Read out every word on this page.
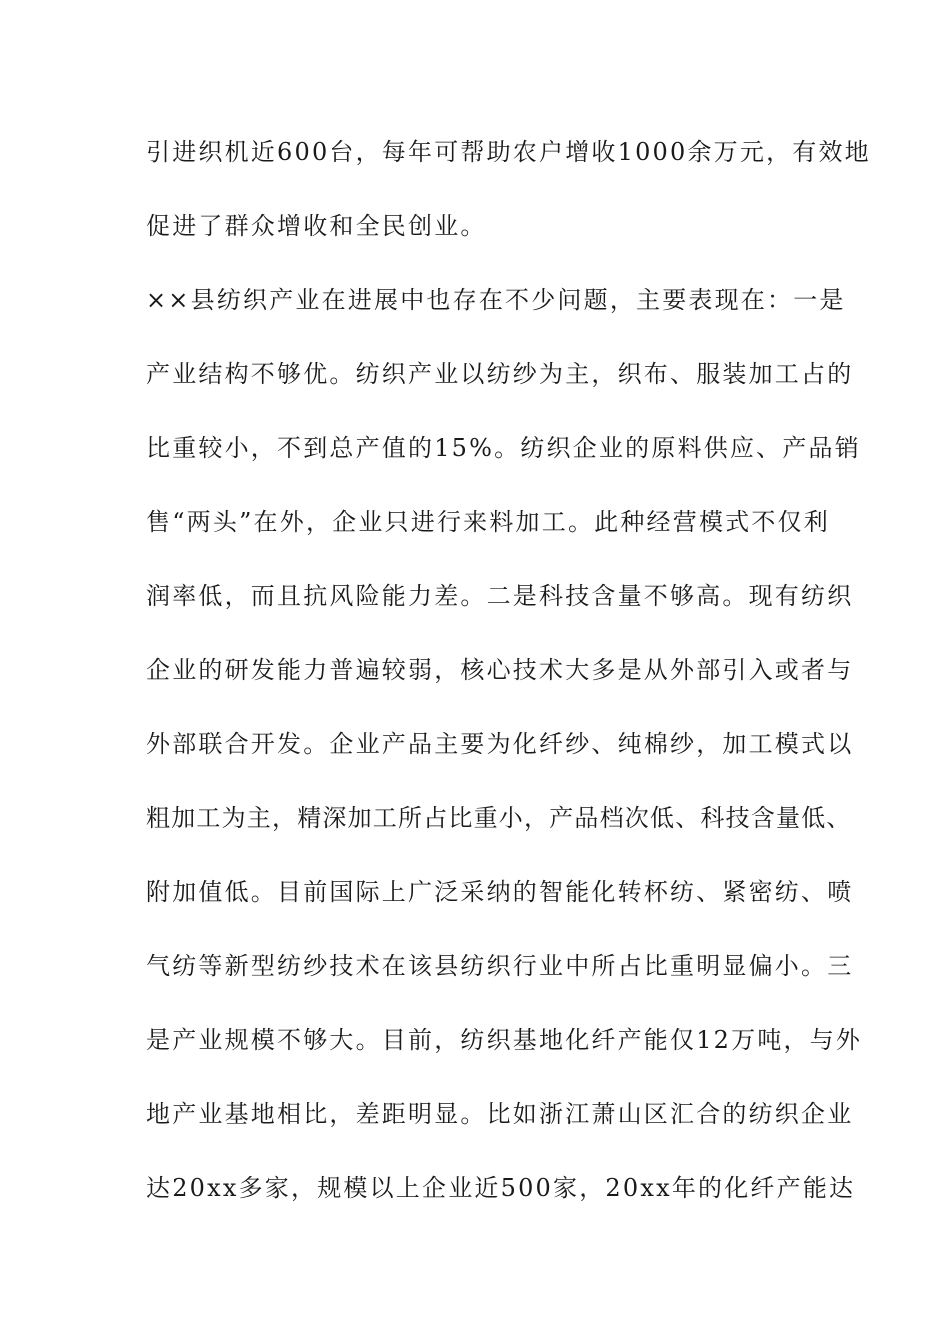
引进织机近600台，每年可帮助农户增收1000余万元，有效地
促进了群众增收和全民创业。
××县纺织产业在进展中也存在不少问题，主要表现在：一是
产业结构不够优。纺织产业以纺纱为主，织布、服装加工占的
比重较小，不到总产值的15%。纺织企业的原料供应、产品销
售“两头”在外，企业只进行来料加工。此种经营模式不仅利
润率低，而且抗风险能力差。二是科技含量不够高。现有纺织
企业的研发能力普遍较弱，核心技术大多是从外部引入或者与
外部联合开发。企业产品主要为化纤纱、纯棉纱，加工模式以
粗加工为主，精深加工所占比重小，产品档次低、科技含量低、
附加值低。目前国际上广泛采纳的智能化转杯纺、紧密纺、喷
气纺等新型纺纱技术在该县纺织行业中所占比重明显偏小。三
是产业规模不够大。目前，纺织基地化纤产能仅12万吨，与外
地产业基地相比，差距明显。比如浙江萧山区汇合的纺织企业
达20xx多家，规模以上企业近500家，20xx年的化纤产能达
